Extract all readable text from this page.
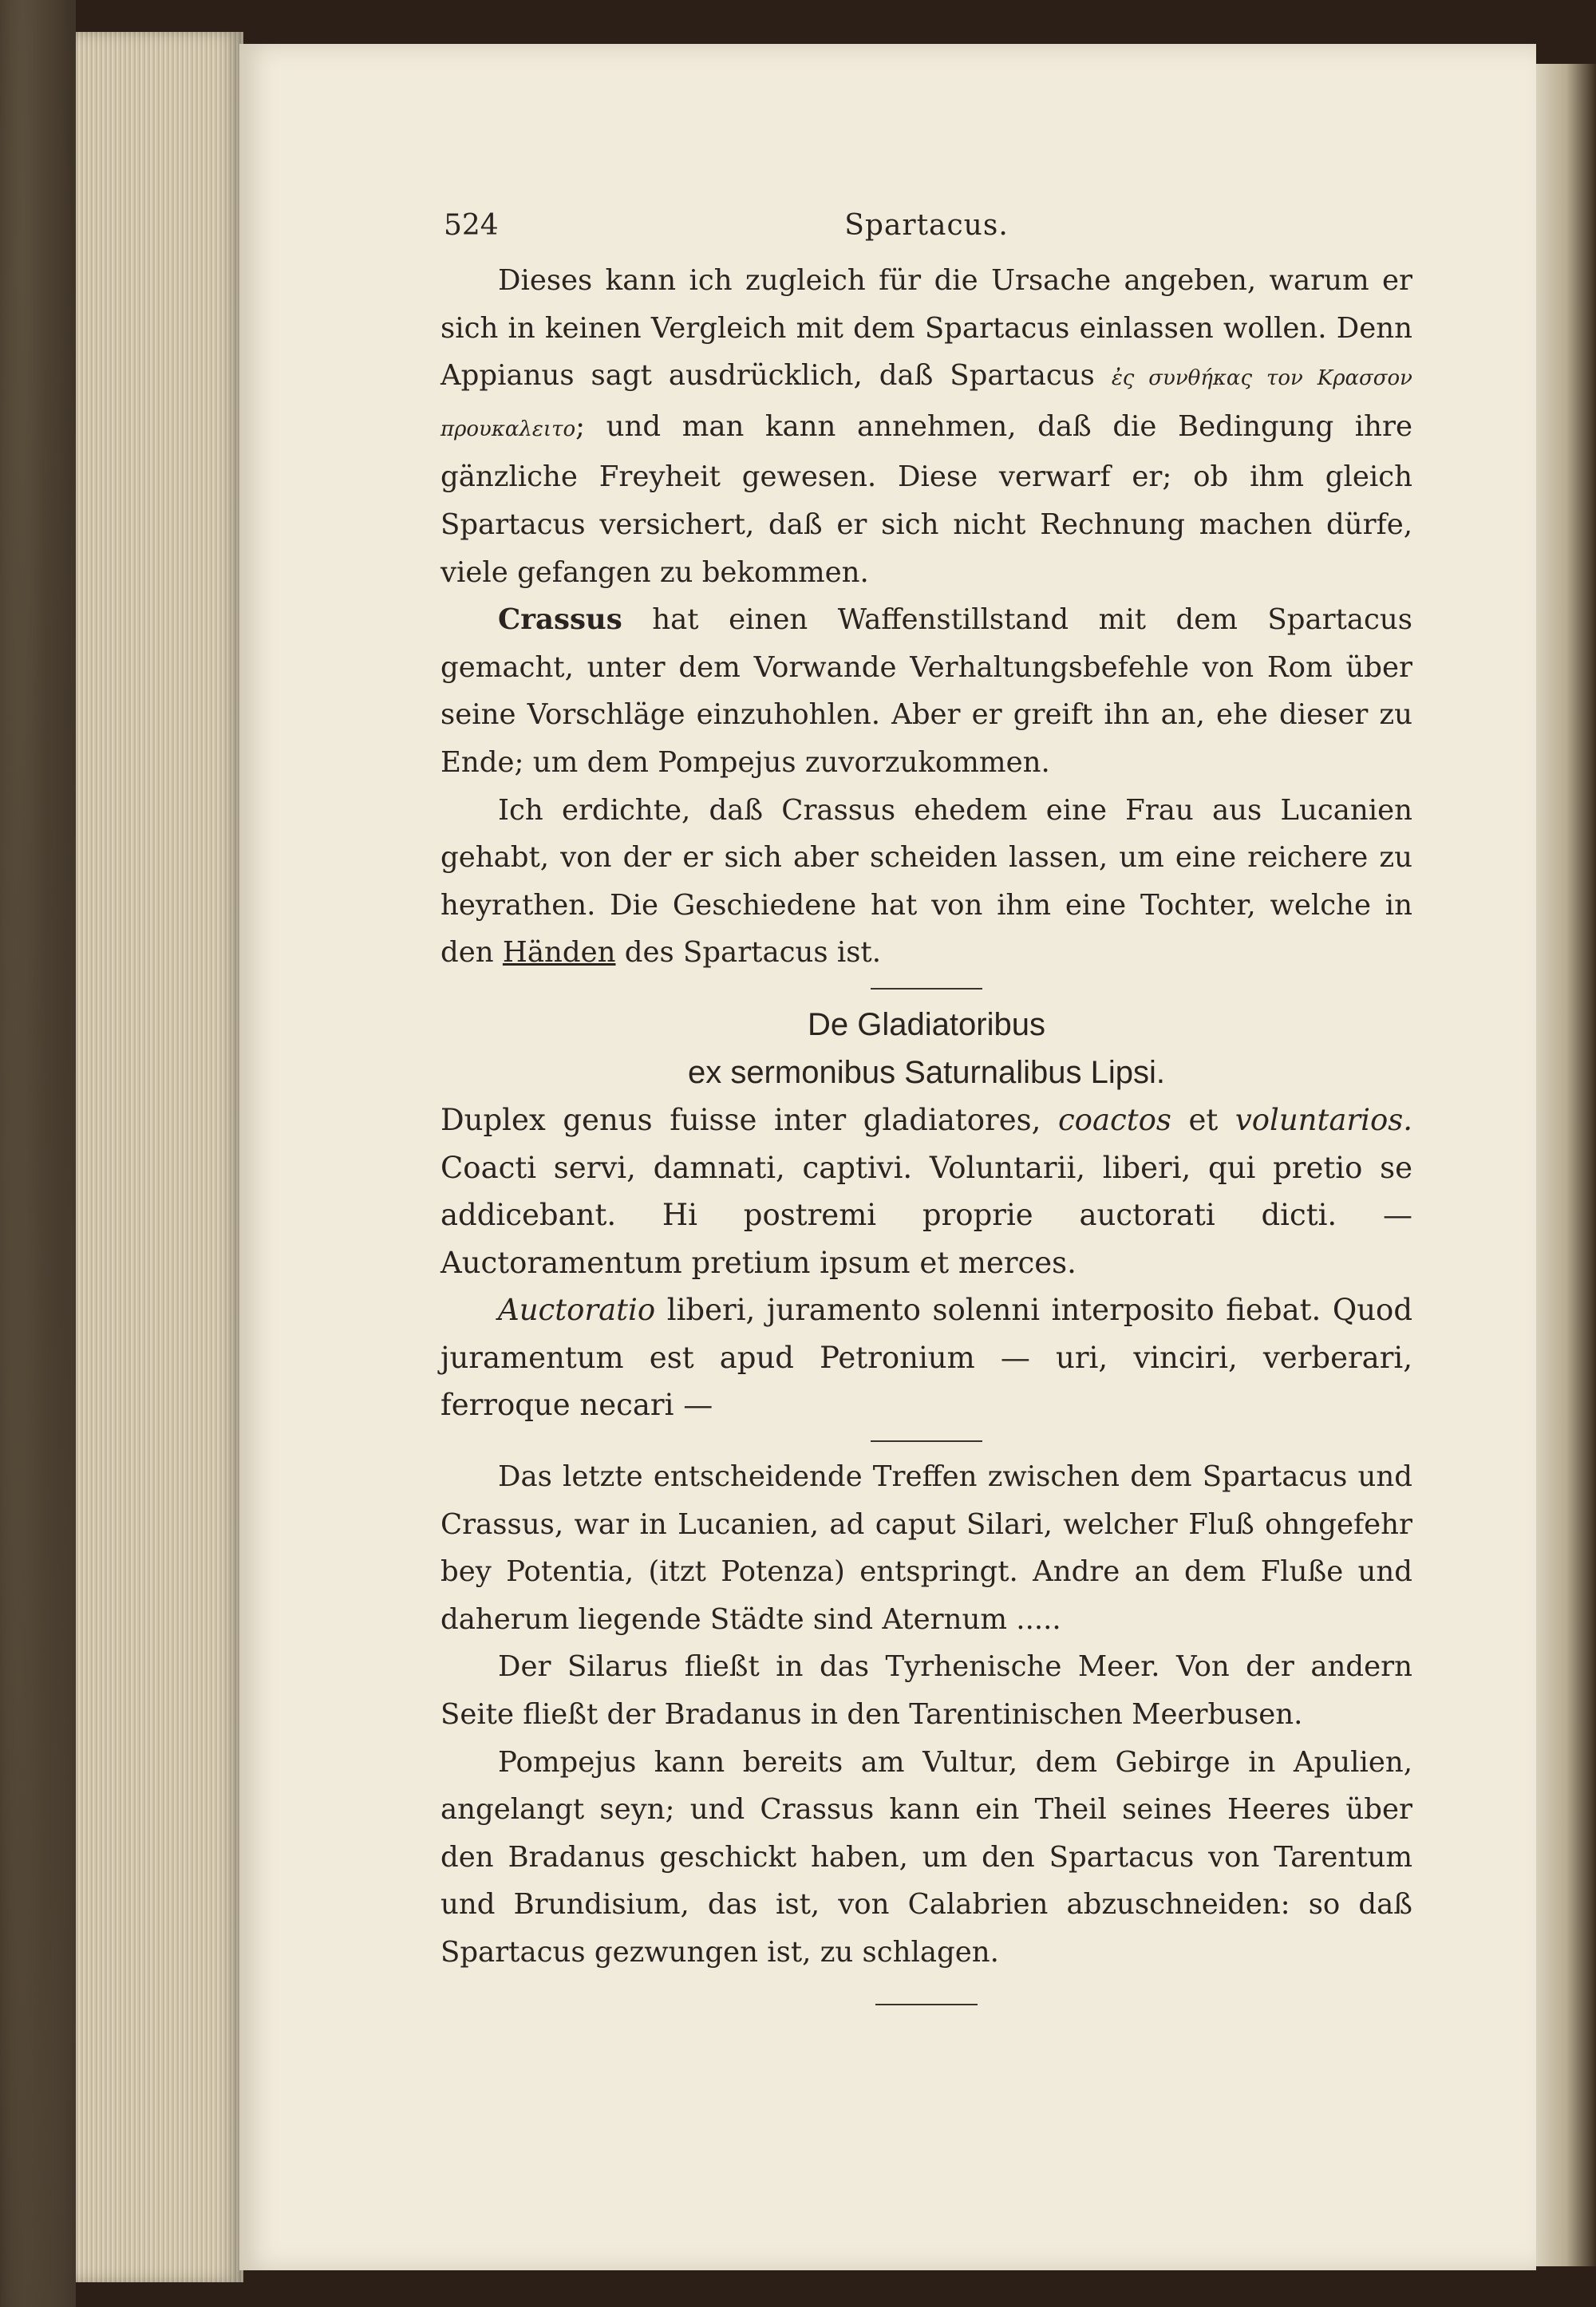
524	Spartacus.

Dieses kann ich zugleich für die Ursache angeben, warum er sich in keinen Vergleich mit dem Spartacus einlassen wollen. Denn Appianus sagt ausdrücklich, daß Spartacus ἐς συνθήκας τον Κρασσον προυκαλειτο; und man kann annehmen, daß die Bedingung ihre gänzliche Freyheit gewesen. Diese verwarf er; ob ihm gleich Spartacus versichert, daß er sich nicht Rechnung machen dürfe, viele gefangen zu bekommen.

Crassus hat einen Waffenstillstand mit dem Spartacus gemacht, unter dem Vorwande Verhaltungsbefehle von Rom über seine Vorschläge einzuhohlen. Aber er greift ihn an, ehe dieser zu Ende; um dem Pompejus zuvorzukommen.

Ich erdichte, daß Crassus ehedem eine Frau aus Lucanien gehabt, von der er sich aber scheiden lassen, um eine reichere zu heyrathen. Die Geschiedene hat von ihm eine Tochter, welche in den Händen des Spartacus ist.

De Gladiatoribus
ex sermonibus Saturnalibus Lipsi.

Duplex genus fuisse inter gladiatores, coactos et voluntarios. Coacti servi, damnati, captivi. Voluntarii, liberi, qui pretio se addicebant. Hi postremi proprie auctorati dicti. — Auctoramentum pretium ipsum et merces.

Auctoratio liberi, juramento solenni interposito fiebat. Quod juramentum est apud Petronium — uri, vinciri, verberari, ferroque necari —

Das letzte entscheidende Treffen zwischen dem Spartacus und Crassus, war in Lucanien, ad caput Silari, welcher Fluß ohngefehr bey Potentia, (itzt Potenza) entspringt. Andre an dem Fluße und daherum liegende Städte sind Aternum .....

Der Silarus fließt in das Tyrhenische Meer. Von der andern Seite fließt der Bradanus in den Tarentinischen Meerbusen.

Pompejus kann bereits am Vultur, dem Gebirge in Apulien, angelangt seyn; und Crassus kann ein Theil seines Heeres über den Bradanus geschickt haben, um den Spartacus von Tarentum und Brundisium, das ist, von Calabrien abzuschneiden: so daß Spartacus gezwungen ist, zu schlagen.
